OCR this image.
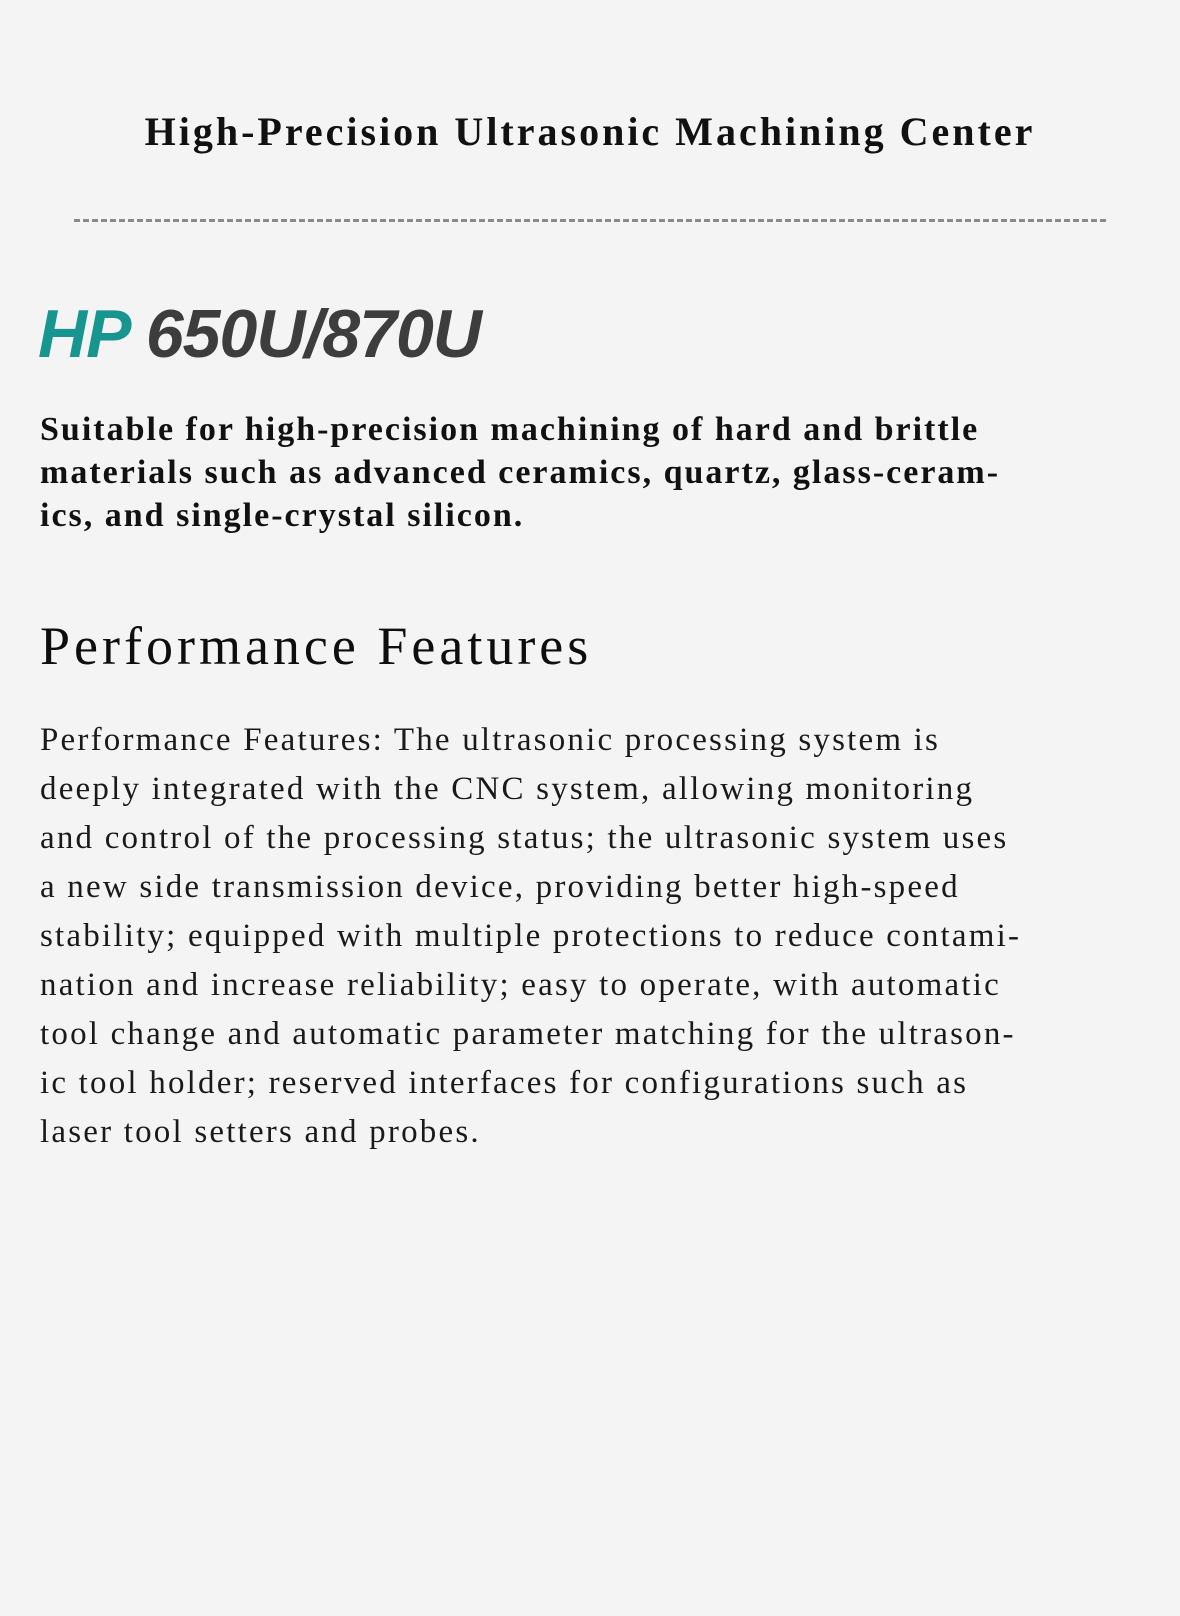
High-Precision Ultrasonic Machining Center
HP 650U/870U

Suitable for high-precision machining of hard and brittle
materials such as advanced ceramics, quartz, glass-ceram-
ics, and single-crystal silicon.

Performance Features

Performance Features: The ultrasonic processing system is
deeply integrated with the CNC system, allowing monitoring
and control of the processing status; the ultrasonic system uses
a new side transmission device, providing better high-speed
stability; equipped with multiple protections to reduce contami-
nation and increase reliability; easy to operate, with automatic
tool change and automatic parameter matching for the ultrason-
ic tool holder; reserved interfaces for configurations such as
laser tool setters and probes.
